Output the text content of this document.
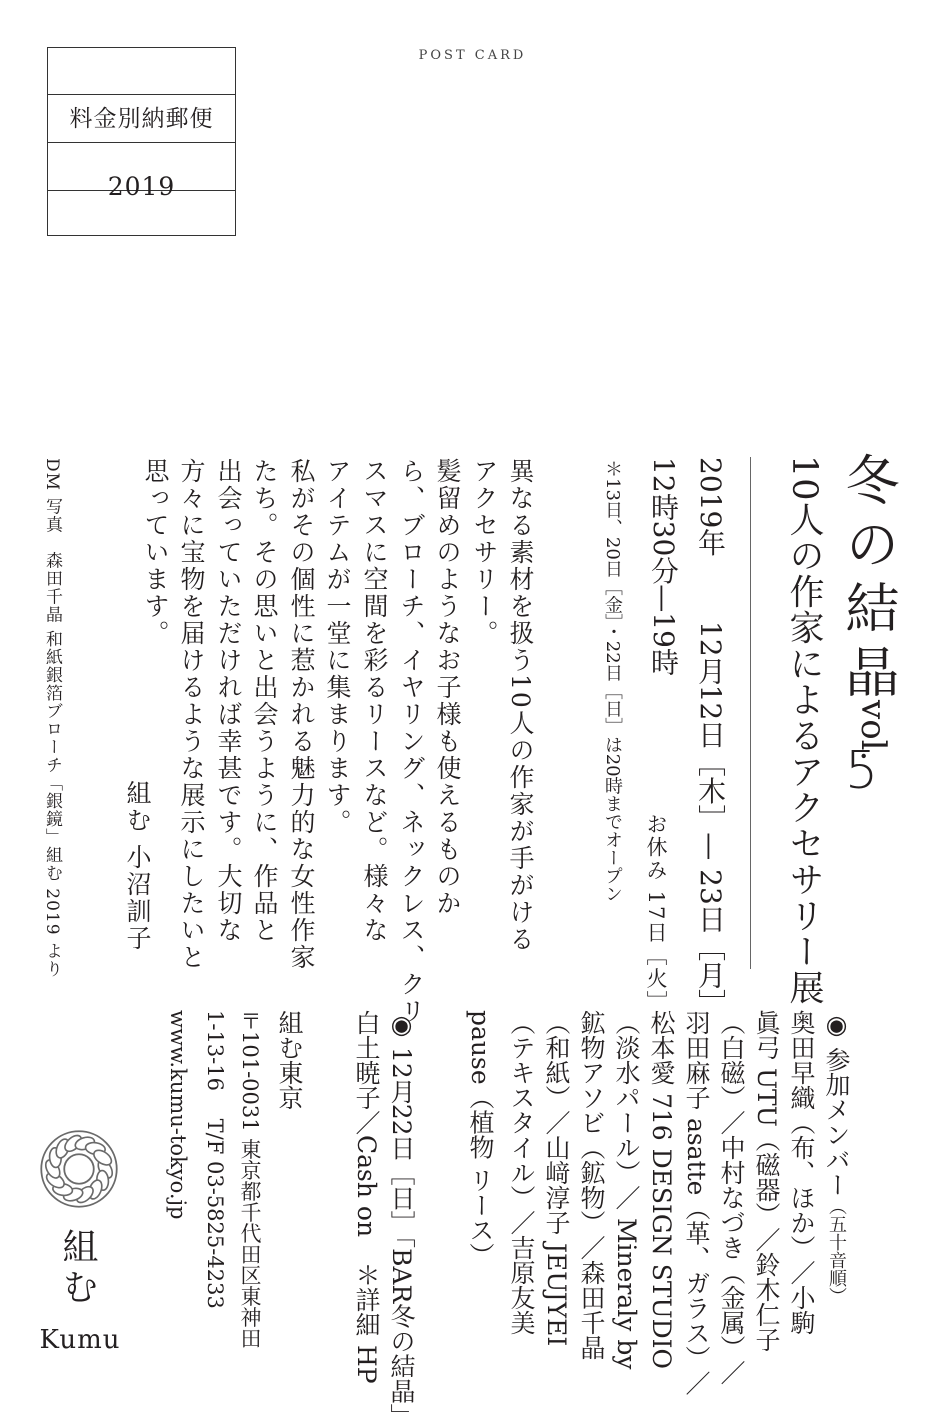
POST CARD
料金別納郵便
2019
冬の結晶
vol.
5
10人の作家によるアクセサリー展
2019年
12月12日［木］— 23日［月］
12時30分—19時
＊13日、20日［金］・22日［日］は20時までオープン
お休み 17日［火］
異なる素材を扱う10人の作家が手がける
アクセサリー。
髪留めのようなお子様も使えるものか
ら、ブローチ、イヤリング、ネックレス、クリ
スマスに空間を彩るリースなど。様々な
アイテムが一堂に集まります。
私がその個性に惹かれる魅力的な女性作家
たち。その思いと出会うように、作品と
出会っていただければ幸甚です。大切な
方々に宝物を届けるような展示にしたいと
思っています。
組む 小沼訓子
DM 写真　森田千晶 和紙銀箔ブローチ「銀鏡」組む 2019 より
◉ 参加メンバー（五十音順）
奥田早織（布、ほか）／小駒
眞弓 UTU（磁器）／鈴木仁子
（白磁）／中村なづき（金属）／
羽田麻子 asatte（革、ガラス）／
松本愛 716 DESIGN STUDIO
（淡水パール）／ Mineraly by
鉱物アソビ（鉱物）／森田千晶
（和紙）／山﨑淳子 JEUJYEI
（テキスタイル）／吉原友美
pause（植物 リース）
◉ 12月22日［日］「BAR冬の結晶」
白土暁子／Cash on　＊詳細 HP
組む東京
〒101-0031 東京都千代田区東神田
1-13-16　 T/F 03-5825-4233
www.kumu-tokyo.jp
組む
Kumu
